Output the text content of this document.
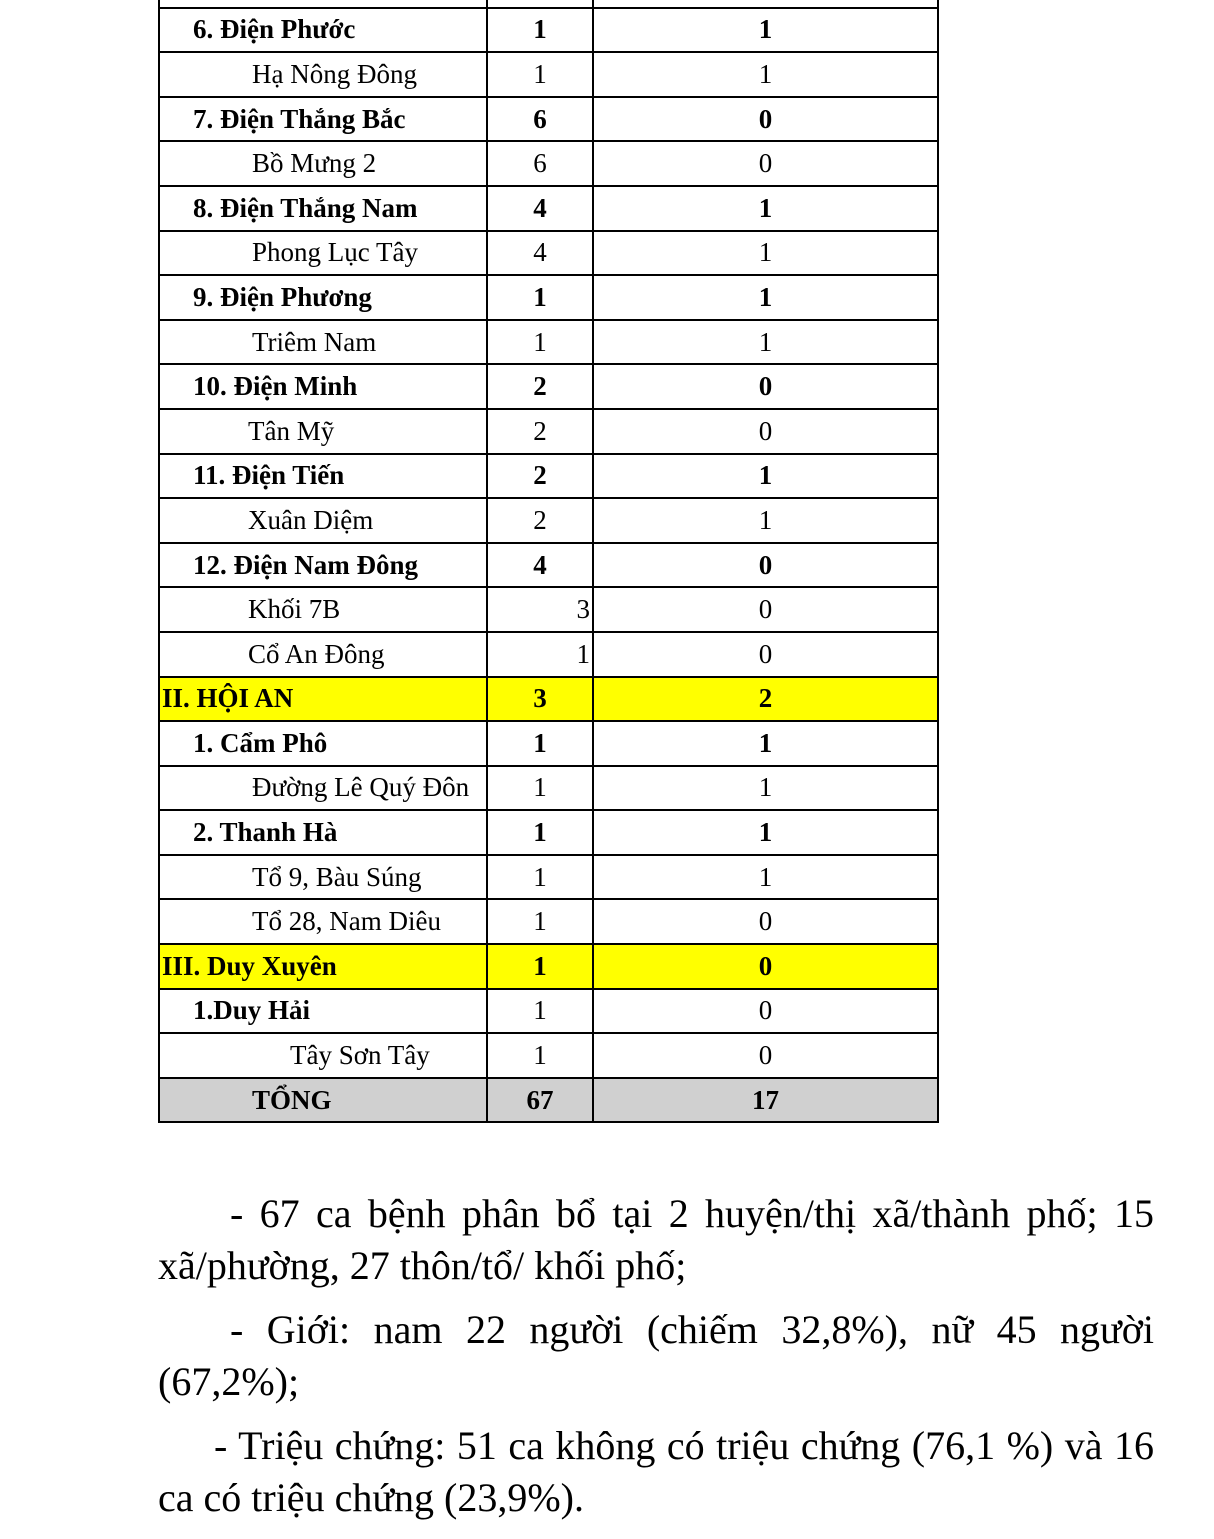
6. Điện Phước	1	1
Hạ Nông Đông	1	1
7. Điện Thắng Bắc	6	0
Bồ Mưng 2	6	0
8. Điện Thắng Nam	4	1
Phong Lục Tây	4	1
9. Điện Phương	1	1
Triêm Nam	1	1
10. Điện Minh	2	0
Tân Mỹ	2	0
11. Điện Tiến	2	1
Xuân Diệm	2	1
12. Điện Nam Đông	4	0
Khối 7B	3	0
Cổ An Đông	1	0
II. HỘI AN	3	2
1. Cẩm Phô	1	1
Đường Lê Quý Đôn	1	1
2. Thanh Hà	1	1
Tổ 9, Bàu Súng	1	1
Tổ 28, Nam Diêu	1	0
III. Duy Xuyên	1	0
1.Duy Hải	1	0
Tây Sơn Tây	1	0
TỔNG	67	17

- 67 ca bệnh phân bổ tại 2 huyện/thị xã/thành phố; 15 xã/phường, 27 thôn/tổ/ khối phố;

- Giới: nam 22 người (chiếm 32,8%), nữ 45 người (67,2%);

- Triệu chứng: 51 ca không có triệu chứng (76,1 %) và 16 ca có triệu chứng (23,9%).
